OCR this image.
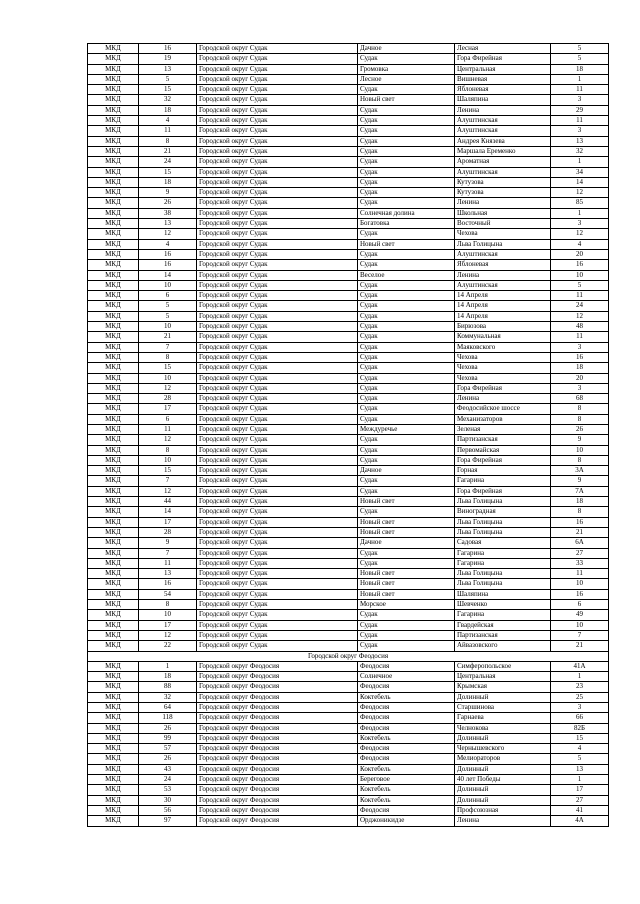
МКД	16	Городской округ Судак	Дачное	Лесная	5
МКД	19	Городской округ Судак	Судак	Гора Фирейная	5
МКД	13	Городской округ Судак	Громовка	Центральная	18
МКД	5	Городской округ Судак	Лесное	Вишневая	1
МКД	15	Городской округ Судак	Судак	Яблоневая	11
МКД	32	Городской округ Судак	Новый свет	Шаляпина	3
МКД	18	Городской округ Судак	Судак	Ленина	29
МКД	4	Городской округ Судак	Судак	Алуштинская	11
МКД	11	Городской округ Судак	Судак	Алуштинская	3
МКД	8	Городской округ Судак	Судак	Андрея Князева	13
МКД	21	Городской округ Судак	Судак	Маршала Еременко	32
МКД	24	Городской округ Судак	Судак	Ароматная	1
МКД	15	Городской округ Судак	Судак	Алуштинская	34
МКД	18	Городской округ Судак	Судак	Кутузова	14
МКД	9	Городской округ Судак	Судак	Кутузова	12
МКД	26	Городской округ Судак	Судак	Ленина	85
МКД	38	Городской округ Судак	Солнечная долина	Школьная	1
МКД	13	Городской округ Судак	Богатовка	Восточный	3
МКД	12	Городской округ Судак	Судак	Чехова	12
МКД	4	Городской округ Судак	Новый свет	Льва Голицына	4
МКД	16	Городской округ Судак	Судак	Алуштинская	20
МКД	16	Городской округ Судак	Судак	Яблоневая	16
МКД	14	Городской округ Судак	Веселое	Ленина	10
МКД	10	Городской округ Судак	Судак	Алуштинская	5
МКД	6	Городской округ Судак	Судак	14 Апреля	11
МКД	5	Городской округ Судак	Судак	14 Апреля	24
МКД	5	Городской округ Судак	Судак	14 Апреля	12
МКД	10	Городской округ Судак	Судак	Бирюзова	48
МКД	21	Городской округ Судак	Судак	Коммунальная	11
МКД	7	Городской округ Судак	Судак	Маяковского	3
МКД	8	Городской округ Судак	Судак	Чехова	16
МКД	15	Городской округ Судак	Судак	Чехова	18
МКД	10	Городской округ Судак	Судак	Чехова	20
МКД	12	Городской округ Судак	Судак	Гора Фирейная	3
МКД	28	Городской округ Судак	Судак	Ленина	68
МКД	17	Городской округ Судак	Судак	Феодосийское шоссе	8
МКД	6	Городской округ Судак	Судак	Механизаторов	8
МКД	11	Городской округ Судак	Междуречье	Зеленая	26
МКД	12	Городской округ Судак	Судак	Партизанская	9
МКД	8	Городской округ Судак	Судак	Первомайская	10
МКД	10	Городской округ Судак	Судак	Гора Фирейная	8
МКД	15	Городской округ Судак	Дачное	Горная	3А
МКД	7	Городской округ Судак	Судак	Гагарина	9
МКД	12	Городской округ Судак	Судак	Гора Фирейная	7А
МКД	44	Городской округ Судак	Новый свет	Льва Голицына	18
МКД	14	Городской округ Судак	Судак	Виноградная	8
МКД	17	Городской округ Судак	Новый свет	Льва Голицына	16
МКД	28	Городской округ Судак	Новый свет	Льва Голицына	21
МКД	9	Городской округ Судак	Дачное	Садовая	6А
МКД	7	Городской округ Судак	Судак	Гагарина	27
МКД	11	Городской округ Судак	Судак	Гагарина	33
МКД	13	Городской округ Судак	Новый свет	Льва Голицына	11
МКД	16	Городской округ Судак	Новый свет	Льва Голицына	10
МКД	54	Городской округ Судак	Новый свет	Шаляпина	16
МКД	8	Городской округ Судак	Морское	Шевченко	6
МКД	10	Городской округ Судак	Судак	Гагарина	49
МКД	17	Городской округ Судак	Судак	Гвардейская	10
МКД	12	Городской округ Судак	Судак	Партизанская	7
МКД	22	Городской округ Судак	Судак	Айвазовского	21
Городской округ Феодосия					
МКД	1	Городской округ Феодосия	Феодосия	Симферопольское	41А
МКД	18	Городской округ Феодосия	Солнечное	Центральная	1
МКД	88	Городской округ Феодосия	Феодосия	Крымская	23
МКД	32	Городской округ Феодосия	Коктебель	Долинный	25
МКД	64	Городской округ Феодосия	Феодосия	Старшинова	3
МКД	118	Городской округ Феодосия	Феодосия	Гарнаева	66
МКД	26	Городской округ Феодосия	Феодосия	Челнокова	82Б
МКД	99	Городской округ Феодосия	Коктебель	Долинный	15
МКД	57	Городской округ Феодосия	Феодосия	Чернышевского	4
МКД	26	Городской округ Феодосия	Феодосия	Мелиораторов	5
МКД	43	Городской округ Феодосия	Коктебель	Долинный	13
МКД	24	Городской округ Феодосия	Береговое	40 лет Победы	1
МКД	53	Городской округ Феодосия	Коктебель	Долинный	17
МКД	30	Городской округ Феодосия	Коктебель	Долинный	27
МКД	56	Городской округ Феодосия	Феодосия	Профсоюзная	41
МКД	97	Городской округ Феодосия	Орджоникидзе	Ленина	4А
